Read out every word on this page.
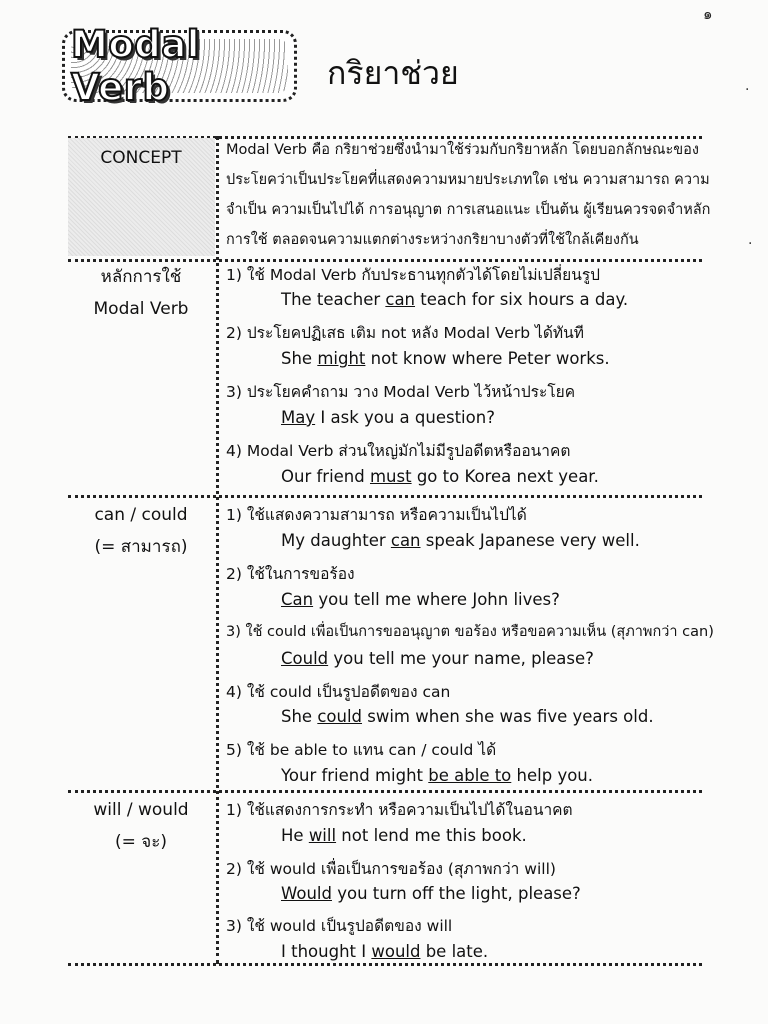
๑
·
·
Modal Verb	กริยาช่วย
CONCEPT	Modal Verb คือ กริยาช่วยซึ่งนำมาใช้ร่วมกับกริยาหลัก โดยบอกลักษณะของ
ประโยคว่าเป็นประโยคที่แสดงความหมายประเภทใด เช่น ความสามารถ ความ
จำเป็น ความเป็นไปได้ การอนุญาต การเสนอแนะ เป็นต้น ผู้เรียนควรจดจำหลัก
การใช้ ตลอดจนความแตกต่างระหว่างกริยาบางตัวที่ใช้ใกล้เคียงกัน
หลักการใช้
Modal Verb
1) ใช้ Modal Verb กับประธานทุกตัวได้โดยไม่เปลี่ยนรูป
The teacher can teach for six hours a day.
2) ประโยคปฏิเสธ เติม not หลัง Modal Verb ได้ทันที
She might not know where Peter works.
3) ประโยคคำถาม วาง Modal Verb ไว้หน้าประโยค
May I ask you a question?
4) Modal Verb ส่วนใหญ่มักไม่มีรูปอดีตหรืออนาคต
Our friend must go to Korea next year.
can / could
(= สามารถ)
1) ใช้แสดงความสามารถ หรือความเป็นไปได้
My daughter can speak Japanese very well.
2) ใช้ในการขอร้อง
Can you tell me where John lives?
3) ใช้ could เพื่อเป็นการขออนุญาต ขอร้อง หรือขอความเห็น (สุภาพกว่า can)
Could you tell me your name, please?
4) ใช้ could เป็นรูปอดีตของ can
She could swim when she was five years old.
5) ใช้ be able to แทน can / could ได้
Your friend might be able to help you.
will / would
(= จะ)
1) ใช้แสดงการกระทำ หรือความเป็นไปได้ในอนาคต
He will not lend me this book.
2) ใช้ would เพื่อเป็นการขอร้อง (สุภาพกว่า will)
Would you turn off the light, please?
3) ใช้ would เป็นรูปอดีตของ will
I thought I would be late.
